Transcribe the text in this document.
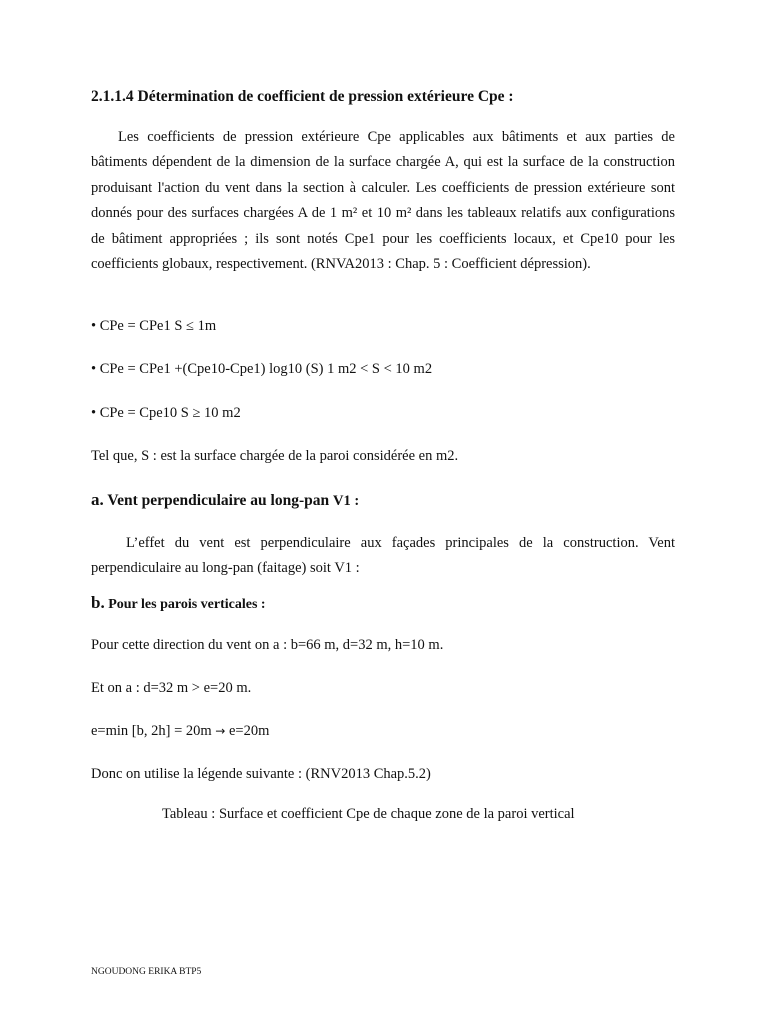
2.1.1.4 Détermination de coefficient de pression extérieure Cpe :
Les coefficients de pression extérieure Cpe applicables aux bâtiments et aux parties de bâtiments dépendent de la dimension de la surface chargée A, qui est la surface de la construction produisant l'action du vent dans la section à calculer. Les coefficients de pression extérieure sont donnés pour des surfaces chargées A de 1 m² et 10 m² dans les tableaux relatifs aux configurations de bâtiment appropriées ; ils sont notés Cpe1 pour les coefficients locaux, et Cpe10 pour les coefficients globaux, respectivement. (RNVA2013 : Chap. 5 : Coefficient dépression).
• CPe = CPe1 S ≤ 1m
• CPe = CPe1 +(Cpe10-Cpe1) log10 (S) 1 m2 < S < 10 m2
• CPe = Cpe10 S ≥ 10 m2
Tel que, S : est la surface chargée de la paroi considérée en m2.
a. Vent perpendiculaire au long-pan V1 :
L’effet du vent est perpendiculaire aux façades principales de la construction. Vent perpendiculaire au long-pan (faitage) soit V1 :
b. Pour les parois verticales :
Pour cette direction du vent on a : b=66 m, d=32 m, h=10 m.
Et on a : d=32 m > e=20 m.
e=min [b, 2h] = 20m → e=20m
Donc on utilise la légende suivante : (RNV2013 Chap.5.2)
Tableau : Surface et coefficient Cpe de chaque zone de la paroi vertical
NGOUDONG ERIKA BTP5
